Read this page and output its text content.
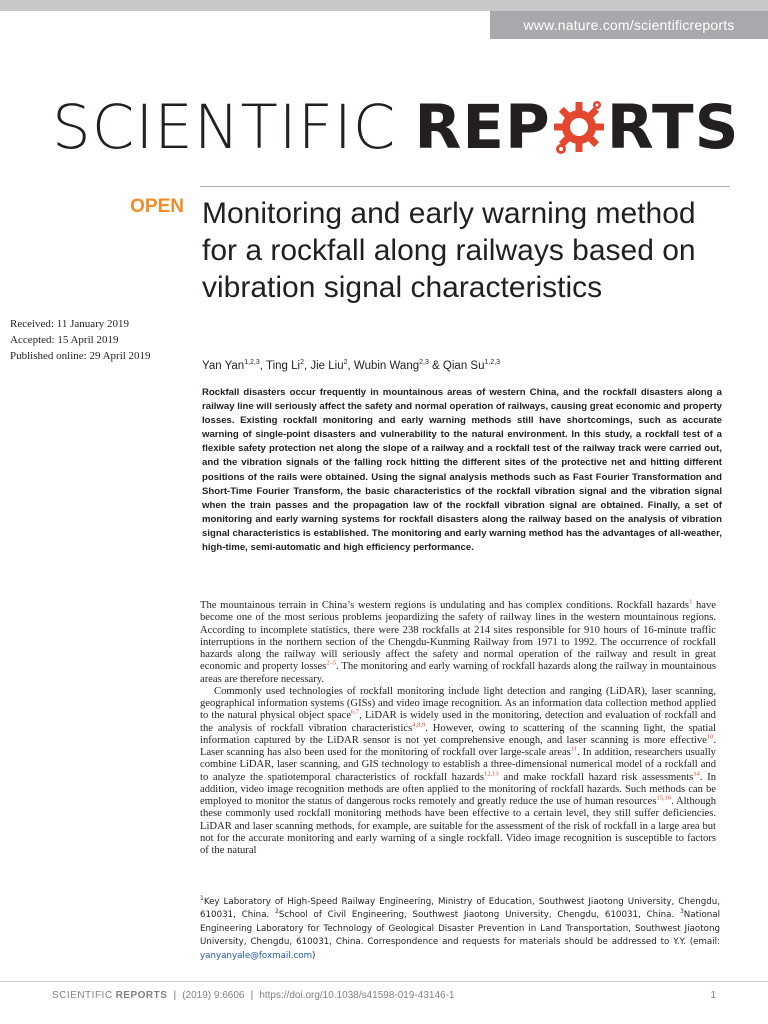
www.nature.com/scientificreports
SCIENTIFIC REP RTS
OPEN Monitoring and early warning method for a rockfall along railways based on vibration signal characteristics
Received: 11 January 2019
Accepted: 15 April 2019
Published online: 29 April 2019
Yan Yan$^{1,2,3}$, Ting Li$^2$, Jie Liu$^2$, Wubin Wang$^{2,3}$ & Qian Su$^{1,2,3}$

Rockfall disasters occur frequently in mountainous areas of western China, and the rockfall disasters along a railway line will seriously affect the safety and normal operation of railways, causing great economic and property losses. Existing rockfall monitoring and early warning methods still have shortcomings, such as accurate warning of single-point disasters and vulnerability to the natural environment. In this study, a rockfall test of a flexible safety protection net along the slope of a railway and a rockfall test of the railway track were carried out, and the vibration signals of the falling rock hitting the different sites of the protective net and hitting different positions of the rails were obtained. Using the signal analysis methods such as Fast Fourier Transformation and Short-Time Fourier Transform, the basic characteristics of the rockfall vibration signal and the vibration signal when the train passes and the propagation law of the rockfall vibration signal are obtained. Finally, a set of monitoring and early warning systems for rockfall disasters along the railway based on the analysis of vibration signal characteristics is established. The monitoring and early warning method has the advantages of all-weather, high-time, semi-automatic and high efficiency performance.

The mountainous terrain in China’s western regions is undulating and has complex conditions. Rockfall hazards$^1$ have become one of the most serious problems jeopardizing the safety of railway lines in the western mountainous regions. According to incomplete statistics, there were 238 rockfalls at 214 sites responsible for 910 hours of 16-minute traffic interruptions in the northern section of the Chengdu-Kunming Railway from 1971 to 1992. The occurrence of rockfall hazards along the railway will seriously affect the safety and normal operation of the railway and result in great economic and property losses$^{2-5}$. The monitoring and early warning of rockfall hazards along the railway in mountainous areas are therefore necessary.

Commonly used technologies of rockfall monitoring include light detection and ranging (LiDAR), laser scanning, geographical information systems (GISs) and video image recognition. As an information data collection method applied to the natural physical object space$^{6,7}$, LiDAR is widely used in the monitoring, detection and evaluation of rockfall and the analysis of rockfall vibration characteristics$^{4,8,9}$. However, owing to scattering of the scanning light, the spatial information captured by the LiDAR sensor is not yet comprehensive enough, and laser scanning is more effective$^{10}$. Laser scanning has also been used for the monitoring of rockfall over large-scale areas$^{11}$. In addition, researchers usually combine LiDAR, laser scanning, and GIS technology to establish a three-dimensional numerical model of a rockfall and to analyze the spatiotemporal characteristics of rockfall hazards$^{12,13}$ and make rockfall hazard risk assessments$^{14}$. In addition, video image recognition methods are often applied to the monitoring of rockfall hazards. Such methods can be employed to monitor the status of dangerous rocks remotely and greatly reduce the use of human resources$^{15,16}$. Although these commonly used rockfall monitoring methods have been effective to a certain level, they still suffer deficiencies. LiDAR and laser scanning methods, for example, are suitable for the assessment of the risk of rockfall in a large area but not for the accurate monitoring and early warning of a single rockfall. Video image recognition is susceptible to factors of the natural

$^1$Key Laboratory of High-Speed Railway Engineering, Ministry of Education, Southwest Jiaotong University, Chengdu, 610031, China. $^2$School of Civil Engineering, Southwest Jiaotong University, Chengdu, 610031, China. $^3$National Engineering Laboratory for Technology of Geological Disaster Prevention in Land Transportation, Southwest Jiaotong University, Chengdu, 610031, China. Correspondence and requests for materials should be addressed to Y.Y. (email: yanyanyale@foxmail.com)
SCIENTIFIC REPORTS | (2019) 9:6606 | https://doi.org/10.1038/s41598-019-43146-1	1
